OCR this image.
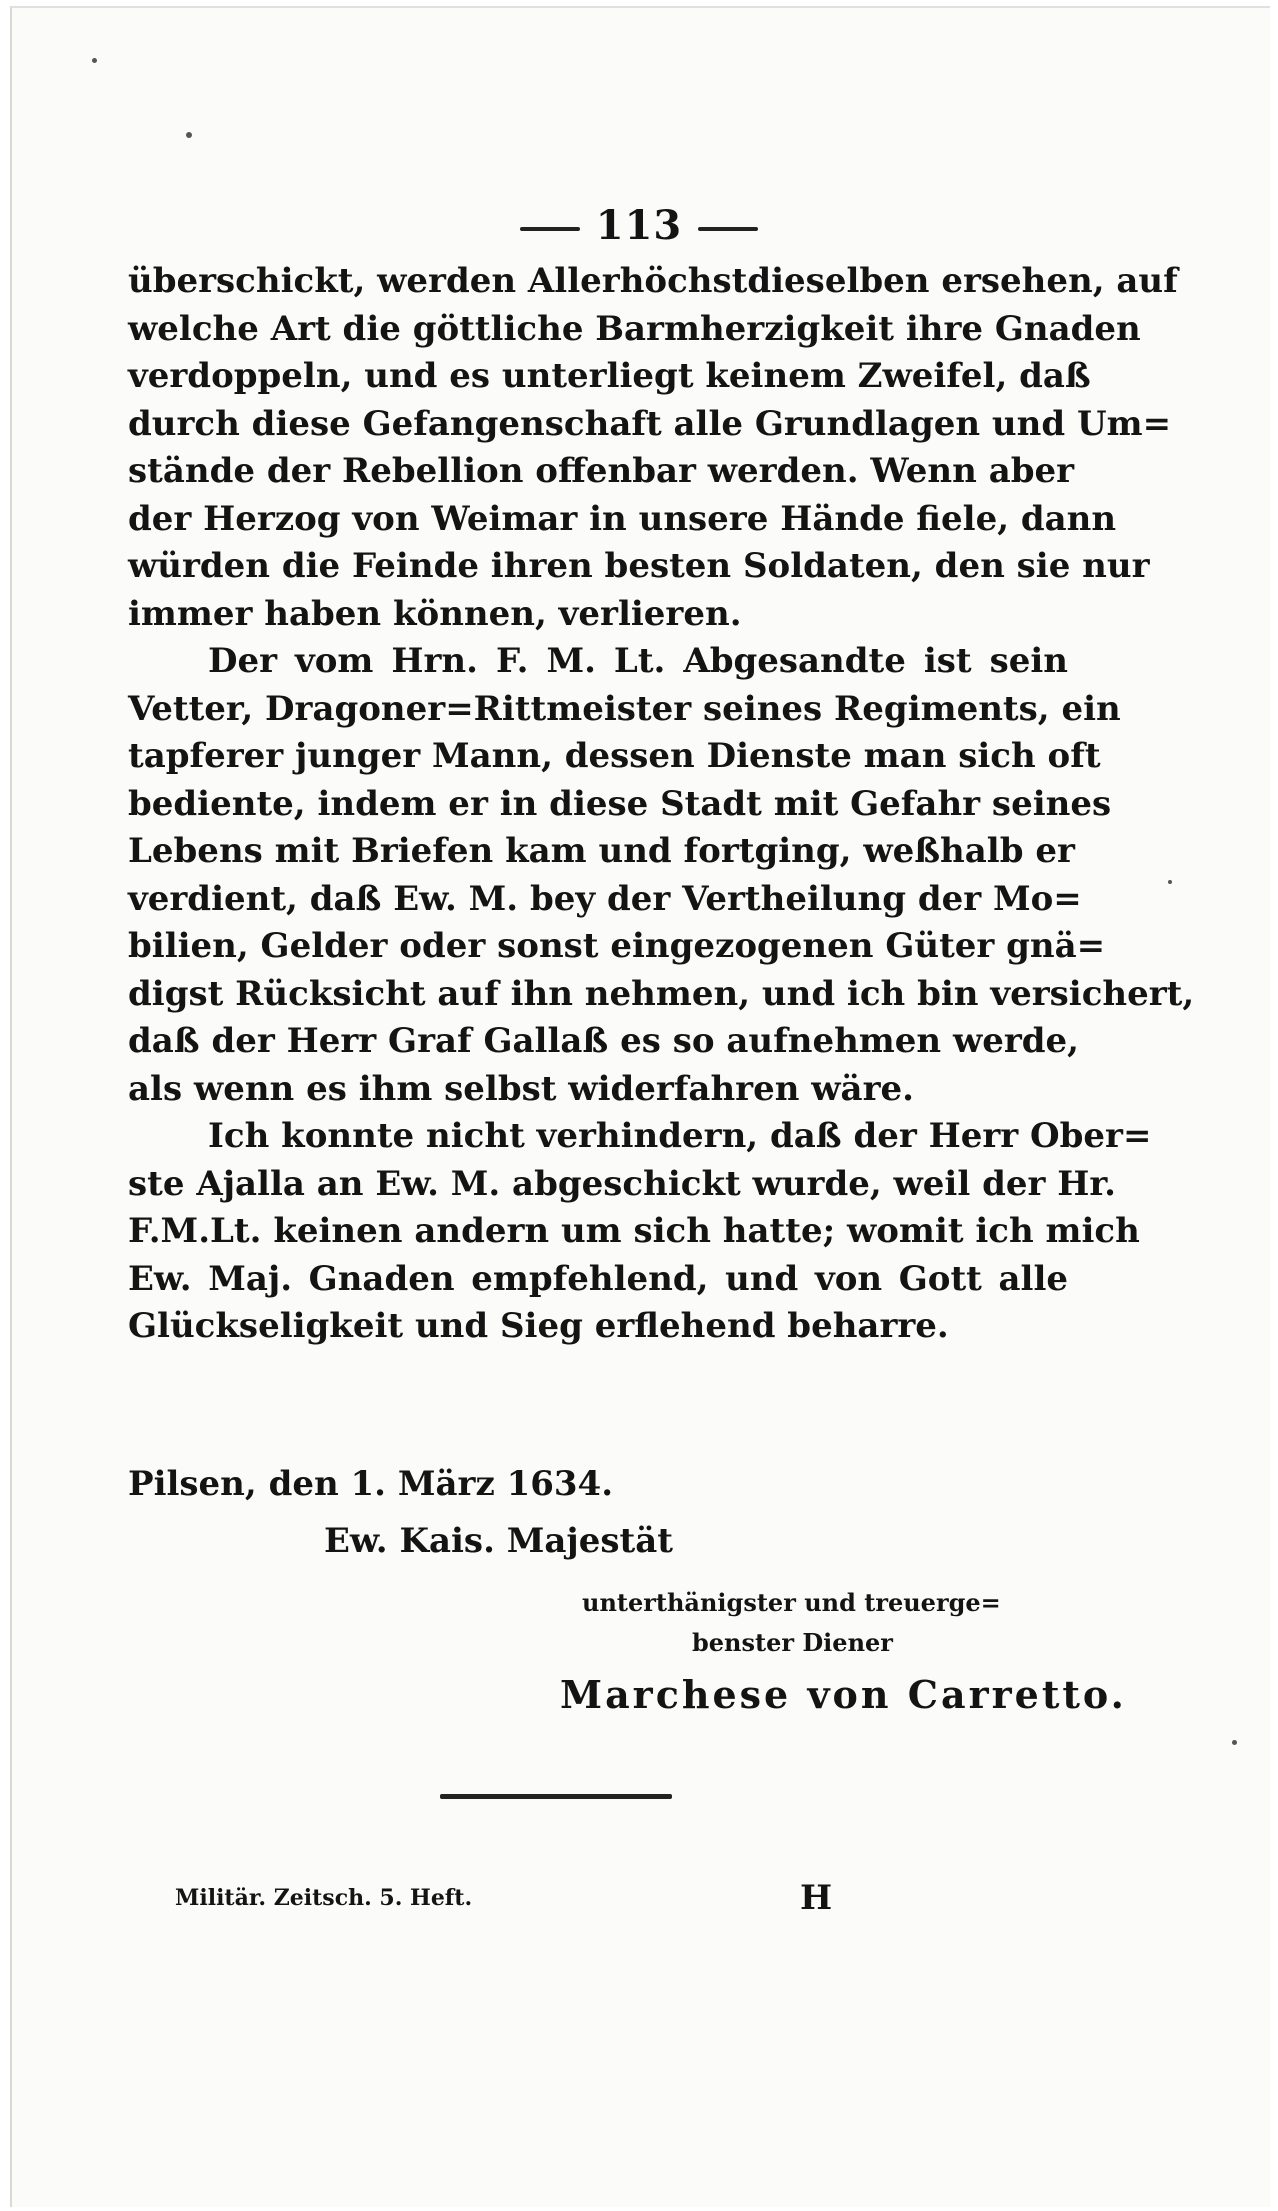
113
überschickt, werden Allerhöchstdieselben ersehen, auf
welche Art die göttliche Barmherzigkeit ihre Gnaden
verdoppeln, und es unterliegt keinem Zweifel, daß
durch diese Gefangenschaft alle Grundlagen und Um=
stände der Rebellion offenbar werden. Wenn aber
der Herzog von Weimar in unsere Hände fiele, dann
würden die Feinde ihren besten Soldaten, den sie nur
immer haben können, verlieren.
Der vom Hrn. F. M. Lt. Abgesandte ist sein
Vetter, Dragoner=Rittmeister seines Regiments, ein
tapferer junger Mann, dessen Dienste man sich oft
bediente, indem er in diese Stadt mit Gefahr seines
Lebens mit Briefen kam und fortging, weßhalb er
verdient, daß Ew. M. bey der Vertheilung der Mo=
bilien, Gelder oder sonst eingezogenen Güter gnä=
digst Rücksicht auf ihn nehmen, und ich bin versichert,
daß der Herr Graf Gallaß es so aufnehmen werde,
als wenn es ihm selbst widerfahren wäre.
Ich konnte nicht verhindern, daß der Herr Ober=
ste Ajalla an Ew. M. abgeschickt wurde, weil der Hr.
F.M.Lt. keinen andern um sich hatte; womit ich mich
Ew. Maj. Gnaden empfehlend, und von Gott alle
Glückseligkeit und Sieg erflehend beharre.
Pilsen, den 1. März 1634.
Ew. Kais. Majestät
unterthänigster und treuerge=
benster Diener
Marchese von Carretto.
Militär. Zeitsch. 5. Heft.	H
